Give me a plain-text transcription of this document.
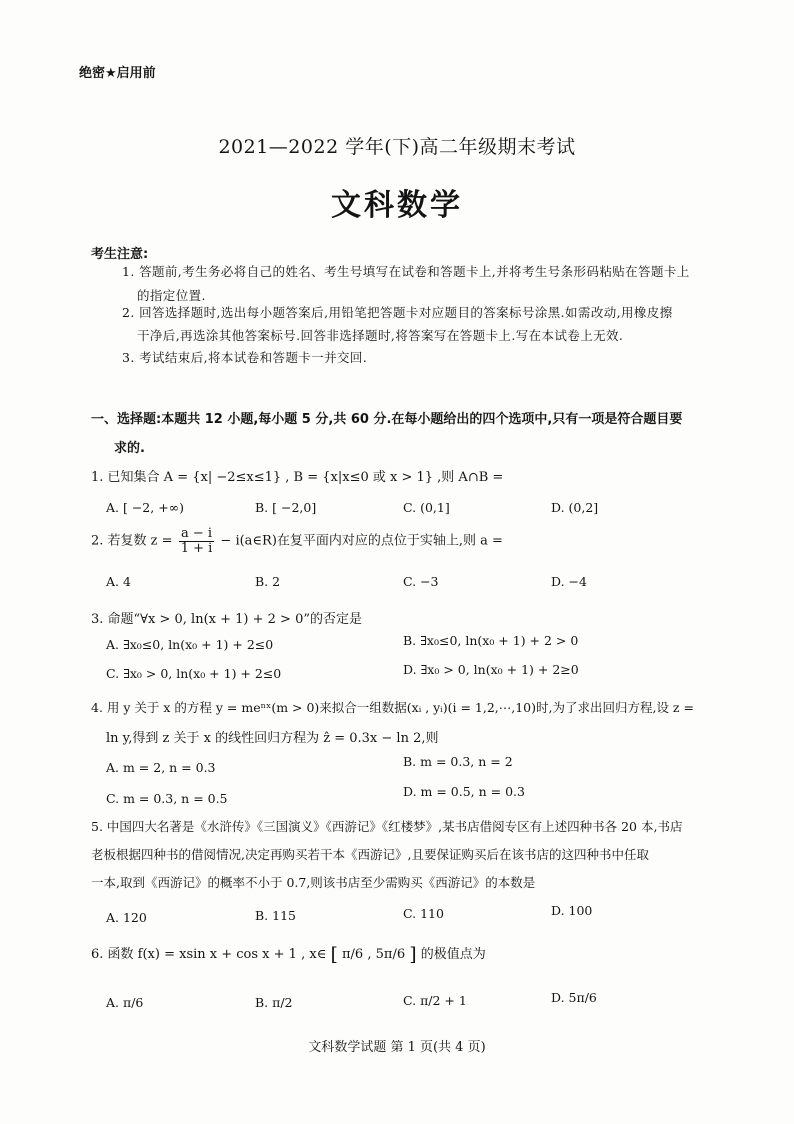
绝密★启用前
2021—2022 学年(下)高二年级期末考试
文科数学
考生注意:
1. 答题前,考生务必将自己的姓名、考生号填写在试卷和答题卡上,并将考生号条形码粘贴在答题卡上
的指定位置.
2. 回答选择题时,选出每小题答案后,用铅笔把答题卡对应题目的答案标号涂黑.如需改动,用橡皮擦
干净后,再选涂其他答案标号.回答非选择题时,将答案写在答题卡上.写在本试卷上无效.
3. 考试结束后,将本试卷和答题卡一并交回.
一、选择题:本题共 12 小题,每小题 5 分,共 60 分.在每小题给出的四个选项中,只有一项是符合题目要
求的.
1. 已知集合 A = {x| −2≤x≤1} , B = {x|x≤0 或 x > 1} ,则 A∩B =
A. [ −2, +∞)	B. [ −2,0]	C. (0,1]	D. (0,2]
2. 若复数 $z = \frac{a - i}{1 + i}$ − i(a∈R)在复平面内对应的点位于实轴上,则 a =
A. 4	B. 2	C. −3	D. −4
3. 命题“∀x > 0, ln(x + 1) + 2 > 0”的否定是
A. ∃x₀≤0, ln(x₀ + 1) + 2≤0	B. ∃x₀≤0, ln(x₀ + 1) + 2 > 0
C. ∃x₀ > 0, ln(x₀ + 1) + 2≤0	D. ∃x₀ > 0, ln(x₀ + 1) + 2≥0
4. 用 y 关于 x 的方程 y = meⁿˣ(m > 0)来拟合一组数据(xᵢ , yᵢ)(i = 1,2,⋯,10)时,为了求出回归方程,设 z =
ln y,得到 z 关于 x 的线性回归方程为 ẑ = 0.3x − ln 2,则
A. m = 2, n = 0.3	B. m = 0.3, n = 2
C. m = 0.3, n = 0.5	D. m = 0.5, n = 0.3
5. 中国四大名著是《水浒传》《三国演义》《西游记》《红楼梦》,某书店借阅专区有上述四种书各 20 本,书店
老板根据四种书的借阅情况,决定再购买若干本《西游记》,且要保证购买后在该书店的这四种书中任取
一本,取到《西游记》的概率不小于 0.7,则该书店至少需购买《西游记》的本数是
A. 120	B. 115	C. 110	D. 100
6. 函数 f(x) = xsin x + cos x + 1 , x∈ [ π/6 , 5π/6 ] 的极值点为
A. π/6	B. π/2	C. π/2 + 1	D. 5π/6
文科数学试题 第 1 页(共 4 页)
